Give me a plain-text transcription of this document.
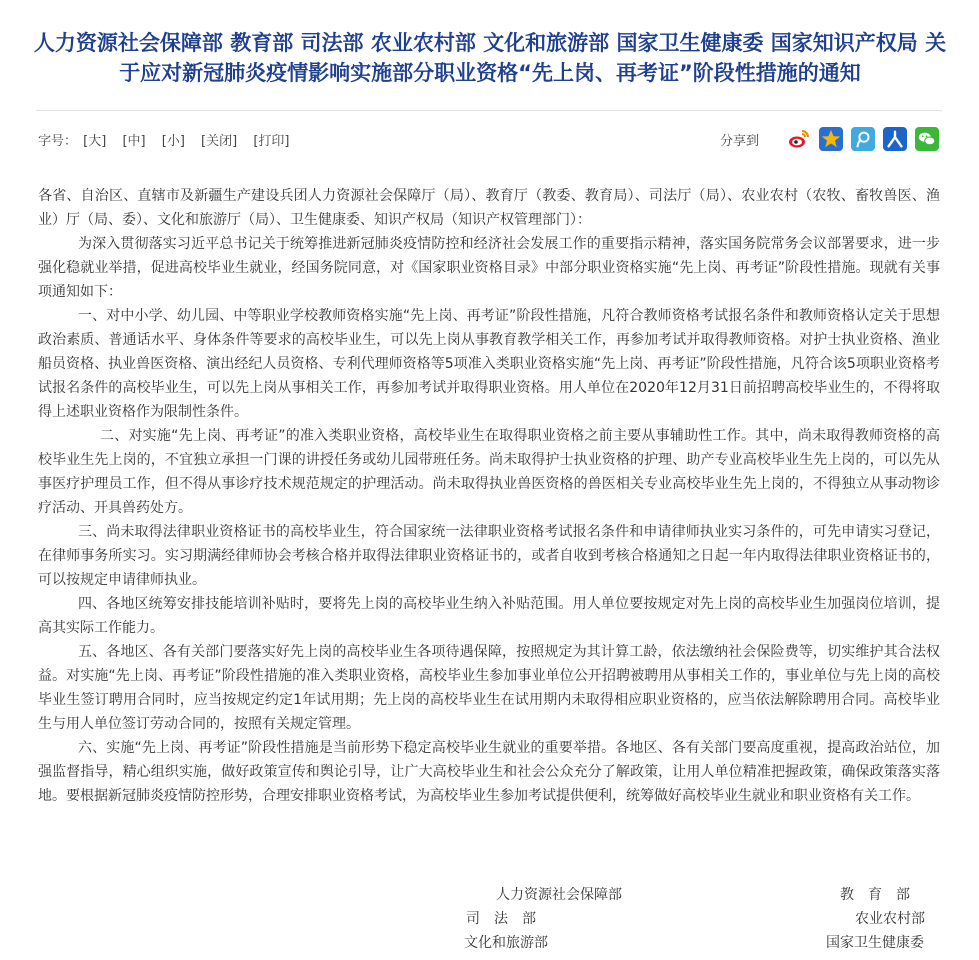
人力资源社会保障部 教育部 司法部 农业农村部 文化和旅游部 国家卫生健康委 国家知识产权局 关于应对新冠肺炎疫情影响实施部分职业资格“先上岗、再考证”阶段性措施的通知
字号： [大] [中] [小] [关闭] [打印]	分享到

各省、自治区、直辖市及新疆生产建设兵团人力资源社会保障厅（局）、教育厅（教委、教育局）、司法厅（局）、农业农村（农牧、畜牧兽医、渔业）厅（局、委）、文化和旅游厅（局）、卫生健康委、知识产权局（知识产权管理部门）：

为深入贯彻落实习近平总书记关于统筹推进新冠肺炎疫情防控和经济社会发展工作的重要指示精神，落实国务院常务会议部署要求，进一步强化稳就业举措，促进高校毕业生就业，经国务院同意，对《国家职业资格目录》中部分职业资格实施“先上岗、再考证”阶段性措施。现就有关事项通知如下：

一、对中小学、幼儿园、中等职业学校教师资格实施“先上岗、再考证”阶段性措施，凡符合教师资格考试报名条件和教师资格认定关于思想政治素质、普通话水平、身体条件等要求的高校毕业生，可以先上岗从事教育教学相关工作，再参加考试并取得教师资格。对护士执业资格、渔业船员资格、执业兽医资格、演出经纪人员资格、专利代理师资格等5项准入类职业资格实施“先上岗、再考证”阶段性措施，凡符合该5项职业资格考试报名条件的高校毕业生，可以先上岗从事相关工作，再参加考试并取得职业资格。用人单位在2020年12月31日前招聘高校毕业生的，不得将取得上述职业资格作为限制性条件。

二、对实施“先上岗、再考证”的准入类职业资格，高校毕业生在取得职业资格之前主要从事辅助性工作。其中，尚未取得教师资格的高校毕业生先上岗的，不宜独立承担一门课的讲授任务或幼儿园带班任务。尚未取得护士执业资格的护理、助产专业高校毕业生先上岗的，可以先从事医疗护理员工作，但不得从事诊疗技术规范规定的护理活动。尚未取得执业兽医资格的兽医相关专业高校毕业生先上岗的，不得独立从事动物诊疗活动、开具兽药处方。

三、尚未取得法律职业资格证书的高校毕业生，符合国家统一法律职业资格考试报名条件和申请律师执业实习条件的，可先申请实习登记，在律师事务所实习。实习期满经律师协会考核合格并取得法律职业资格证书的，或者自收到考核合格通知之日起一年内取得法律职业资格证书的，可以按规定申请律师执业。

四、各地区统筹安排技能培训补贴时，要将先上岗的高校毕业生纳入补贴范围。用人单位要按规定对先上岗的高校毕业生加强岗位培训，提高其实际工作能力。

五、各地区、各有关部门要落实好先上岗的高校毕业生各项待遇保障，按照规定为其计算工龄，依法缴纳社会保险费等，切实维护其合法权益。对实施“先上岗、再考证”阶段性措施的准入类职业资格，高校毕业生参加事业单位公开招聘被聘用从事相关工作的，事业单位与先上岗的高校毕业生签订聘用合同时，应当按规定约定1年试用期；先上岗的高校毕业生在试用期内未取得相应职业资格的，应当依法解除聘用合同。高校毕业生与用人单位签订劳动合同的，按照有关规定管理。

六、实施“先上岗、再考证”阶段性措施是当前形势下稳定高校毕业生就业的重要举措。各地区、各有关部门要高度重视，提高政治站位，加强监督指导，精心组织实施，做好政策宣传和舆论引导，让广大高校毕业生和社会公众充分了解政策，让用人单位精准把握政策，确保政策落实落地。要根据新冠肺炎疫情防控形势，合理安排职业资格考试，为高校毕业生参加考试提供便利，统筹做好高校毕业生就业和职业资格有关工作。

人力资源社会保障部
司　法　部
文化和旅游部
教　育　部
农业农村部
国家卫生健康委
